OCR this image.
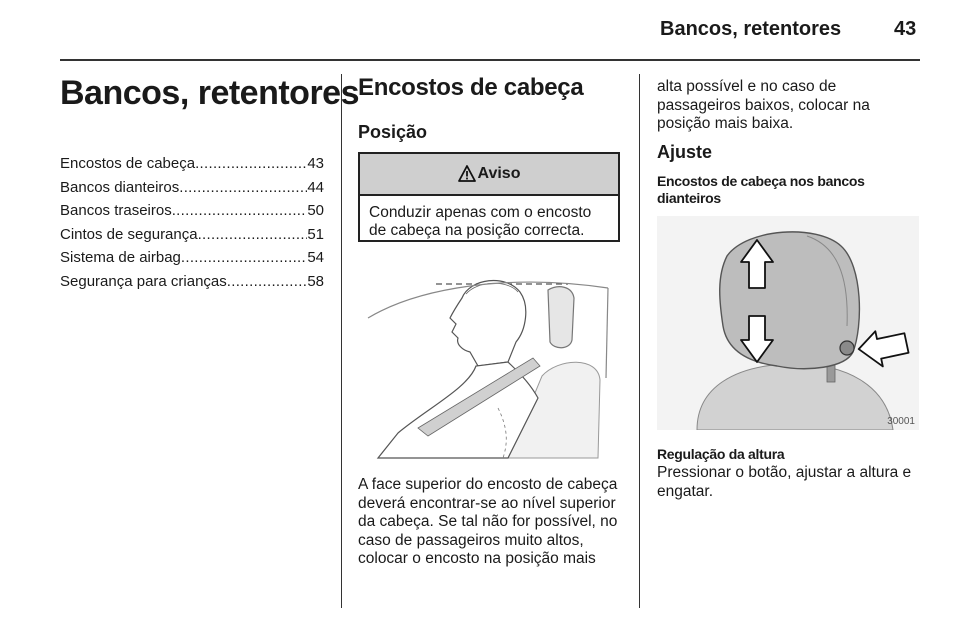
Bancos, retentores	43
Bancos, retentores
Encostos de cabeça .....	43
Bancos dianteiros .....	44
Bancos traseiros .....	50
Cintos de segurança .....	51
Sistema de airbag .....	54
Segurança para crianças .....	58
Encostos de cabeça
Posição
Aviso
Conduzir apenas com o encosto de cabeça na posição correcta.
A face superior do encosto de cabeça deverá encontrar-se ao nível superior da cabeça. Se tal não for possível, no caso de passageiros muito altos, colocar o encosto na posição mais
alta possível e no caso de passageiros baixos, colocar na posição mais baixa.
Ajuste
Encostos de cabeça nos bancos dianteiros
30001
Regulação da altura
Pressionar o botão, ajustar a altura e engatar.
